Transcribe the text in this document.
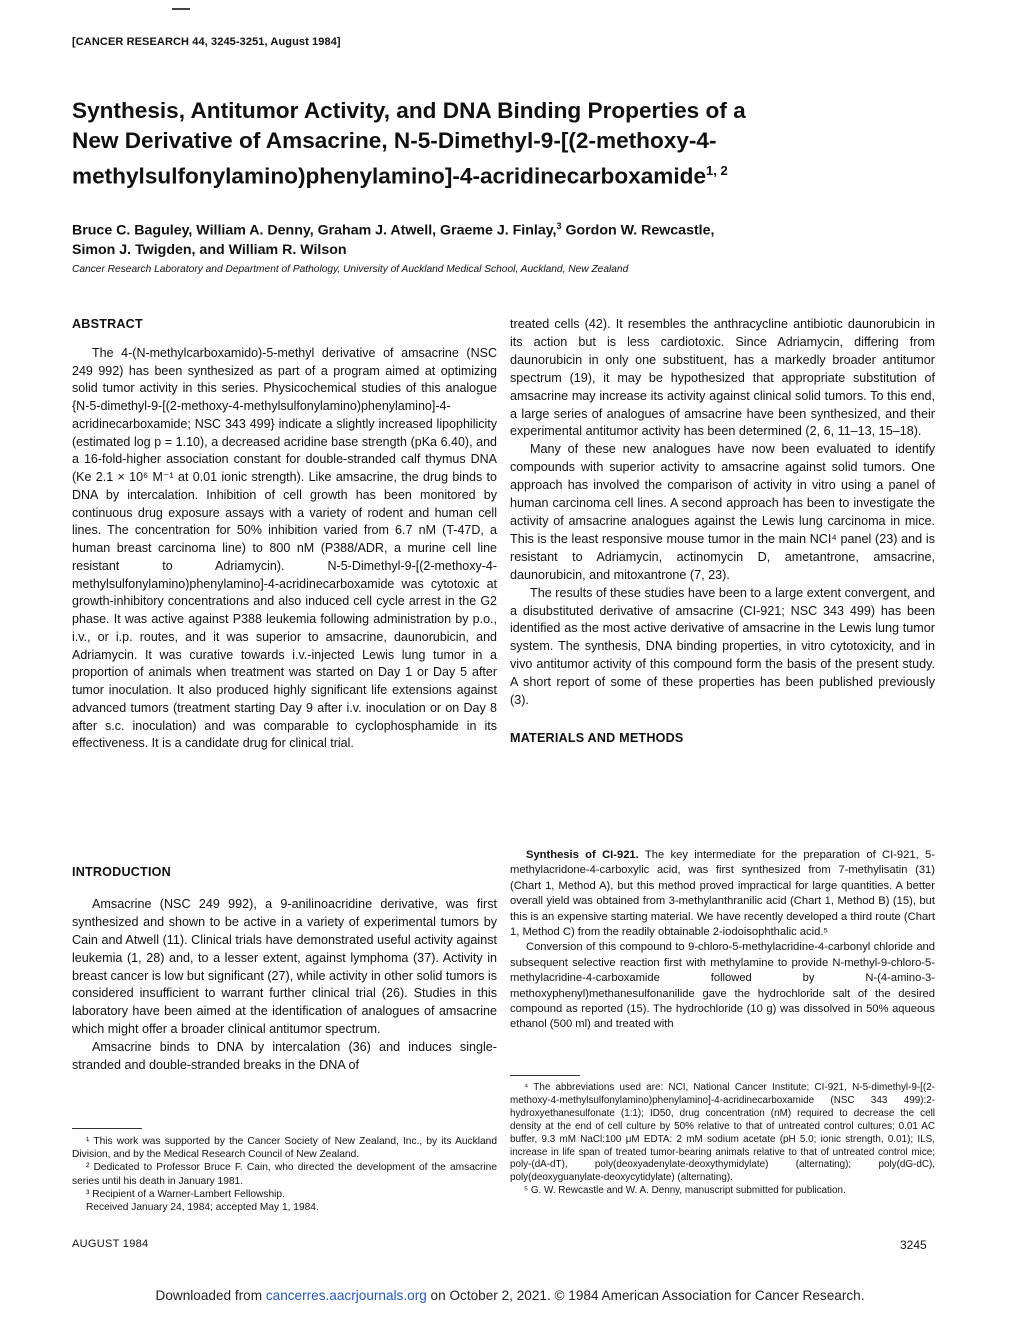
[CANCER RESEARCH 44, 3245-3251, August 1984]
Synthesis, Antitumor Activity, and DNA Binding Properties of a
New Derivative of Amsacrine, N-5-Dimethyl-9-[(2-methoxy-4-
methylsulfonylamino)phenylamino]-4-acridinecarboxamide$^{1, 2}$
Bruce C. Baguley, William A. Denny, Graham J. Atwell, Graeme J. Finlay,$^3$ Gordon W. Rewcastle,
Simon J. Twigden, and William R. Wilson
Cancer Research Laboratory and Department of Pathology, University of Auckland Medical School, Auckland, New Zealand
ABSTRACT

The 4-(N-methylcarboxamido)-5-methyl derivative of amsacrine (NSC 249 992) has been synthesized as part of a program aimed at optimizing solid tumor activity in this series. Physicochemical studies of this analogue {N-5-dimethyl-9-[(2-methoxy-4-methylsulfonylamino)phenylamino]-4-acridinecarboxamide; NSC 343 499} indicate a slightly increased lipophilicity (estimated log p = 1.10), a decreased acridine base strength (pKa 6.40), and a 16-fold-higher association constant for double-stranded calf thymus DNA (Ke 2.1 × 10⁶ M⁻¹ at 0.01 ionic strength). Like amsacrine, the drug binds to DNA by intercalation. Inhibition of cell growth has been monitored by continuous drug exposure assays with a variety of rodent and human cell lines. The concentration for 50% inhibition varied from 6.7 nM (T-47D, a human breast carcinoma line) to 800 nM (P388/ADR, a murine cell line resistant to Adriamycin). N-5-Dimethyl-9-[(2-methoxy-4-methylsulfonylamino)phenylamino]-4-acridinecarboxamide was cytotoxic at growth-inhibitory concentrations and also induced cell cycle arrest in the G2 phase. It was active against P388 leukemia following administration by p.o., i.v., or i.p. routes, and it was superior to amsacrine, daunorubicin, and Adriamycin. It was curative towards i.v.-injected Lewis lung tumor in a proportion of animals when treatment was started on Day 1 or Day 5 after tumor inoculation. It also produced highly significant life extensions against advanced tumors (treatment starting Day 9 after i.v. inoculation or on Day 8 after s.c. inoculation) and was comparable to cyclophosphamide in its effectiveness. It is a candidate drug for clinical trial.

INTRODUCTION

Amsacrine (NSC 249 992), a 9-anilinoacridine derivative, was first synthesized and shown to be active in a variety of experimental tumors by Cain and Atwell (11). Clinical trials have demonstrated useful activity against leukemia (1, 28) and, to a lesser extent, against lymphoma (37). Activity in breast cancer is low but significant (27), while activity in other solid tumors is considered insufficient to warrant further clinical trial (26). Studies in this laboratory have been aimed at the identification of analogues of amsacrine which might offer a broader clinical antitumor spectrum.

Amsacrine binds to DNA by intercalation (36) and induces single-stranded and double-stranded breaks in the DNA of

¹ This work was supported by the Cancer Society of New Zealand, Inc., by its Auckland Division, and by the Medical Research Council of New Zealand.

² Dedicated to Professor Bruce F. Cain, who directed the development of the amsacrine series until his death in January 1981.

³ Recipient of a Warner-Lambert Fellowship.

Received January 24, 1984; accepted May 1, 1984.

treated cells (42). It resembles the anthracycline antibiotic daunorubicin in its action but is less cardiotoxic. Since Adriamycin, differing from daunorubicin in only one substituent, has a markedly broader antitumor spectrum (19), it may be hypothesized that appropriate substitution of amsacrine may increase its activity against clinical solid tumors. To this end, a large series of analogues of amsacrine have been synthesized, and their experimental antitumor activity has been determined (2, 6, 11–13, 15–18).

Many of these new analogues have now been evaluated to identify compounds with superior activity to amsacrine against solid tumors. One approach has involved the comparison of activity in vitro using a panel of human carcinoma cell lines. A second approach has been to investigate the activity of amsacrine analogues against the Lewis lung carcinoma in mice. This is the least responsive mouse tumor in the main NCI⁴ panel (23) and is resistant to Adriamycin, actinomycin D, ametantrone, amsacrine, daunorubicin, and mitoxantrone (7, 23).

The results of these studies have been to a large extent convergent, and a disubstituted derivative of amsacrine (CI-921; NSC 343 499) has been identified as the most active derivative of amsacrine in the Lewis lung tumor system. The synthesis, DNA binding properties, in vitro cytotoxicity, and in vivo antitumor activity of this compound form the basis of the present study. A short report of some of these properties has been published previously (3).

MATERIALS AND METHODS

Synthesis of CI-921. The key intermediate for the preparation of CI-921, 5-methylacridone-4-carboxylic acid, was first synthesized from 7-methylisatin (31) (Chart 1, Method A), but this method proved impractical for large quantities. A better overall yield was obtained from 3-methylanthranilic acid (Chart 1, Method B) (15), but this is an expensive starting material. We have recently developed a third route (Chart 1, Method C) from the readily obtainable 2-iodoisophthalic acid.⁵

Conversion of this compound to 9-chloro-5-methylacridine-4-carbonyl chloride and subsequent selective reaction first with methylamine to provide N-methyl-9-chloro-5-methylacridine-4-carboxamide followed by N-(4-amino-3-methoxyphenyl)methanesulfonanilide gave the hydrochloride salt of the desired compound as reported (15). The hydrochloride (10 g) was dissolved in 50% aqueous ethanol (500 ml) and treated with

⁴ The abbreviations used are: NCI, National Cancer Institute; CI-921, N-5-dimethyl-9-[(2-methoxy-4-methylsulfonylamino)phenylamino]-4-acridinecarboxamide (NSC 343 499):2-hydroxyethanesulfonate (1:1); ID50, drug concentration (nM) required to decrease the cell density at the end of cell culture by 50% relative to that of untreated control cultures; 0.01 AC buffer, 9.3 mM NaCl:100 μM EDTA: 2 mM sodium acetate (pH 5.0; ionic strength, 0.01); ILS, increase in life span of treated tumor-bearing animals relative to that of untreated control mice; poly-(dA-dT), poly(deoxyadenylate-deoxythymidylate) (alternating); poly(dG-dC), poly(deoxyguanylate-deoxycytidylate) (alternating).

⁵ G. W. Rewcastle and W. A. Denny, manuscript submitted for publication.

AUGUST 1984	3245
Downloaded from cancerres.aacrjournals.org on October 2, 2021. © 1984 American Association for Cancer Research.
